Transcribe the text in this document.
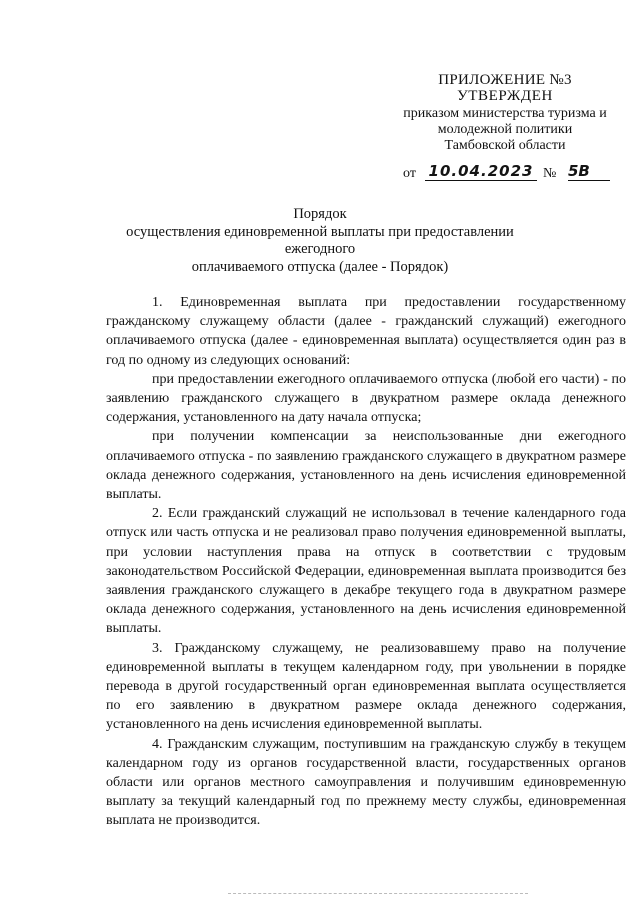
ПРИЛОЖЕНИЕ №3
УТВЕРЖДЕН
приказом министерства туризма и
молодежной политики
Тамбовской области
от 10.04.2023 № 5В
Порядок
осуществления единовременной выплаты при предоставлении ежегодного
оплачиваемого отпуска (далее - Порядок)

1. Единовременная выплата при предоставлении государственному гражданскому служащему области (далее - гражданский служащий) ежегодного оплачиваемого отпуска (далее - единовременная выплата) осуществляется один раз в год по одному из следующих оснований:

при предоставлении ежегодного оплачиваемого отпуска (любой его части) - по заявлению гражданского служащего в двукратном размере оклада денежного содержания, установленного на дату начала отпуска;

при получении компенсации за неиспользованные дни ежегодного оплачиваемого отпуска - по заявлению гражданского служащего в двукратном размере оклада денежного содержания, установленного на день исчисления единовременной выплаты.

2. Если гражданский служащий не использовал в течение календарного года отпуск или часть отпуска и не реализовал право получения единовременной выплаты, при условии наступления права на отпуск в соответствии с трудовым законодательством Российской Федерации, единовременная выплата производится без заявления гражданского служащего в декабре текущего года в двукратном размере оклада денежного содержания, установленного на день исчисления единовременной выплаты.

3. Гражданскому служащему, не реализовавшему право на получение единовременной выплаты в текущем календарном году, при увольнении в порядке перевода в другой государственный орган единовременная выплата осуществляется по его заявлению в двукратном размере оклада денежного содержания, установленного на день исчисления единовременной выплаты.

4. Гражданским служащим, поступившим на гражданскую службу в текущем календарном году из органов государственной власти, государственных органов области или органов местного самоуправления и получившим единовременную выплату за текущий календарный год по прежнему месту службы, единовременная выплата не производится.
